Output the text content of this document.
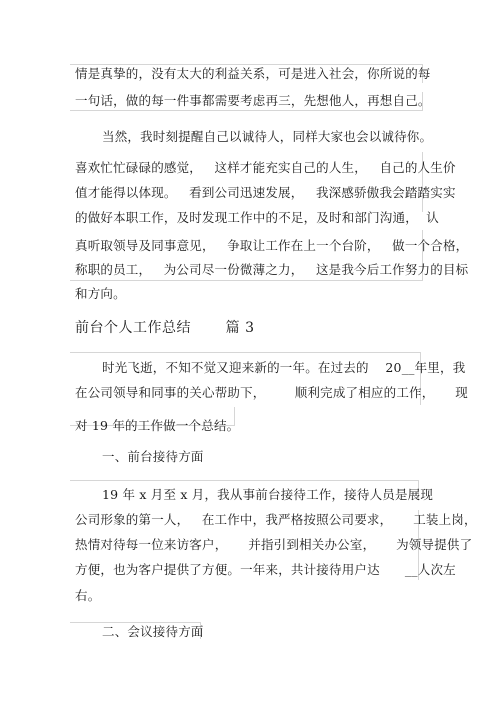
情是真挚的，没有太大的利益关系，可是进入社会，你所说的每
一句话，做的每一件事都需要考虑再三，先想他人，再想自己。
当然，我时刻提醒自己以诚待人，同样大家也会以诚待你。
喜欢忙忙碌碌的感觉，   这样才能充实自己的人生，   自己的人生价
值才能得以体现。   看到公司迅速发展，   我深感骄傲我会踏踏实实
的做好本职工作，及时发现工作中的不足，及时和部门沟通，  认
真听取领导及同事意见，   争取让工作在上一个台阶，   做一个合格，
称职的员工，   为公司尽一份微薄之力，   这是我今后工作努力的目标
和方向。
前台个人工作总结       篇 3
时光飞逝，不知不觉又迎来新的一年。在过去的    20__年里，我
在公司领导和同事的关心帮助下，       顺利完成了相应的工作，     现
对 19 年的工作做一个总结。
一、前台接待方面
19 年 x 月至 x 月，我从事前台接待工作，接待人员是展现
公司形象的第一人，   在工作中，我严格按照公司要求，     工装上岗，
热情对待每一位来访客户，     并指引到相关办公室，     为领导提供了
方便，也为客户提供了方便。一年来，共计接待用户达      __人次左
右。
二、会议接待方面
